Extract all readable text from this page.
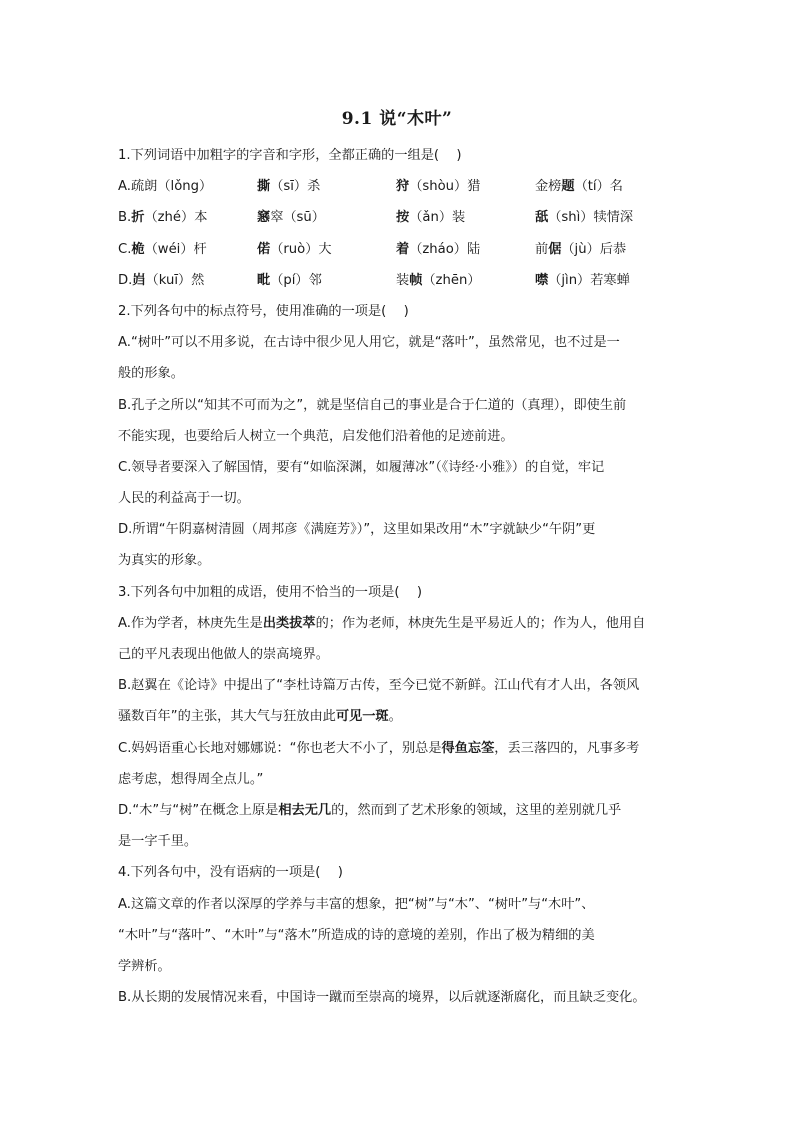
9.1 说“木叶”
1.下列词语中加粗字的字音和字形，全都正确的一组是(　 )
A.疏朗（lǒng）	撕（sī）杀	狩（shòu）猎	金榜题（tí）名
B.折（zhé）本	窸窣（sū）	按（ǎn）装	舐（shì）犊情深
C.桅（wéi）杆	偌（ruò）大	着（zháo）陆	前倨（jù）后恭
D.岿（kuī）然	毗（pí）邻	装帧（zhēn）	噤（jìn）若寒蝉
2.下列各句中的标点符号，使用准确的一项是(　 )
A.“树叶”可以不用多说，在古诗中很少见人用它，就是“落叶”，虽然常见，也不过是一
般的形象。
B.孔子之所以“知其不可而为之”，就是坚信自己的事业是合于仁道的（真理），即使生前
不能实现，也要给后人树立一个典范，启发他们沿着他的足迹前进。
C.领导者要深入了解国情，要有“如临深渊，如履薄冰”（《诗经·小雅》）的自觉，牢记
人民的利益高于一切。
D.所谓“午阴嘉树清圆（周邦彦《满庭芳》）”，这里如果改用“木”字就缺少“午阴”更
为真实的形象。
3.下列各句中加粗的成语，使用不恰当的一项是(　 )
A.作为学者，林庚先生是出类拔萃的；作为老师，林庚先生是平易近人的；作为人，他用自
己的平凡表现出他做人的崇高境界。
B.赵翼在《论诗》中提出了“李杜诗篇万古传，至今已觉不新鲜。江山代有才人出，各领风
骚数百年”的主张，其大气与狂放由此可见一斑。
C.妈妈语重心长地对娜娜说：“你也老大不小了，别总是得鱼忘筌，丢三落四的，凡事多考
虑考虑，想得周全点儿。”
D.“木”与“树”在概念上原是相去无几的，然而到了艺术形象的领域，这里的差别就几乎
是一字千里。
4.下列各句中，没有语病的一项是(　 )
A.这篇文章的作者以深厚的学养与丰富的想象，把“树”与“木”、“树叶”与“木叶”、
“木叶”与“落叶”、“木叶”与“落木”所造成的诗的意境的差别，作出了极为精细的美
学辨析。
B.从长期的发展情况来看，中国诗一蹴而至崇高的境界，以后就逐渐腐化，而且缺乏变化。
